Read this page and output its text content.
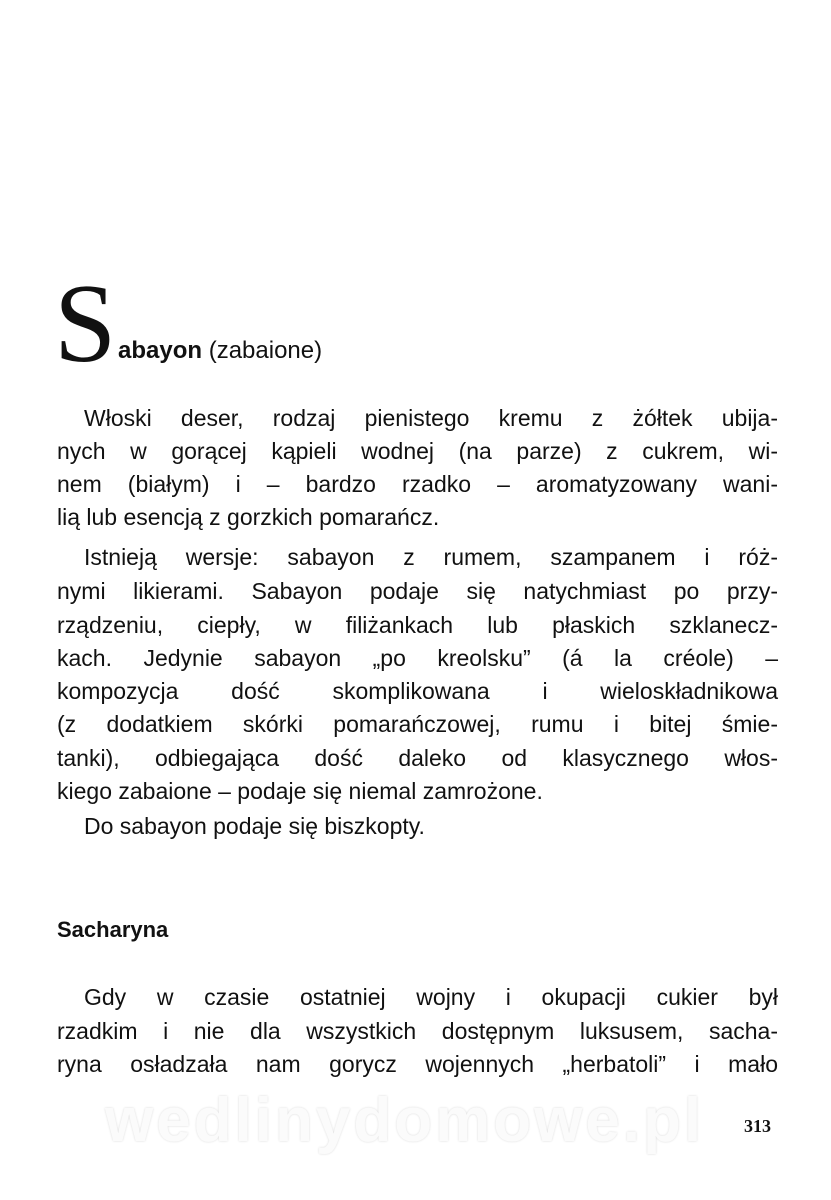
S abayon (zabaione)
Włoski deser, rodzaj pienistego kremu z żółtek ubija-
nych w gorącej kąpieli wodnej (na parze) z cukrem, wi-
nem (białym) i – bardzo rzadko – aromatyzowany wani-
lią lub esencją z gorzkich pomarańcz.
Istnieją wersje: sabayon z rumem, szampanem i róż-
nymi likierami. Sabayon podaje się natychmiast po przy-
rządzeniu, ciepły, w filiżankach lub płaskich szklanecz-
kach. Jedynie sabayon „po kreolsku” (á la créole) –
kompozycja dość skomplikowana i wieloskładnikowa
(z dodatkiem skórki pomarańczowej, rumu i bitej śmie-
tanki), odbiegająca dość daleko od klasycznego włos-
kiego zabaione – podaje się niemal zamrożone.
Do sabayon podaje się biszkopty.
Sacharyna
Gdy w czasie ostatniej wojny i okupacji cukier był
rzadkim i nie dla wszystkich dostępnym luksusem, sacha-
ryna osładzała nam gorycz wojennych „herbatoli” i mało
wedlinydomowe.pl 313
